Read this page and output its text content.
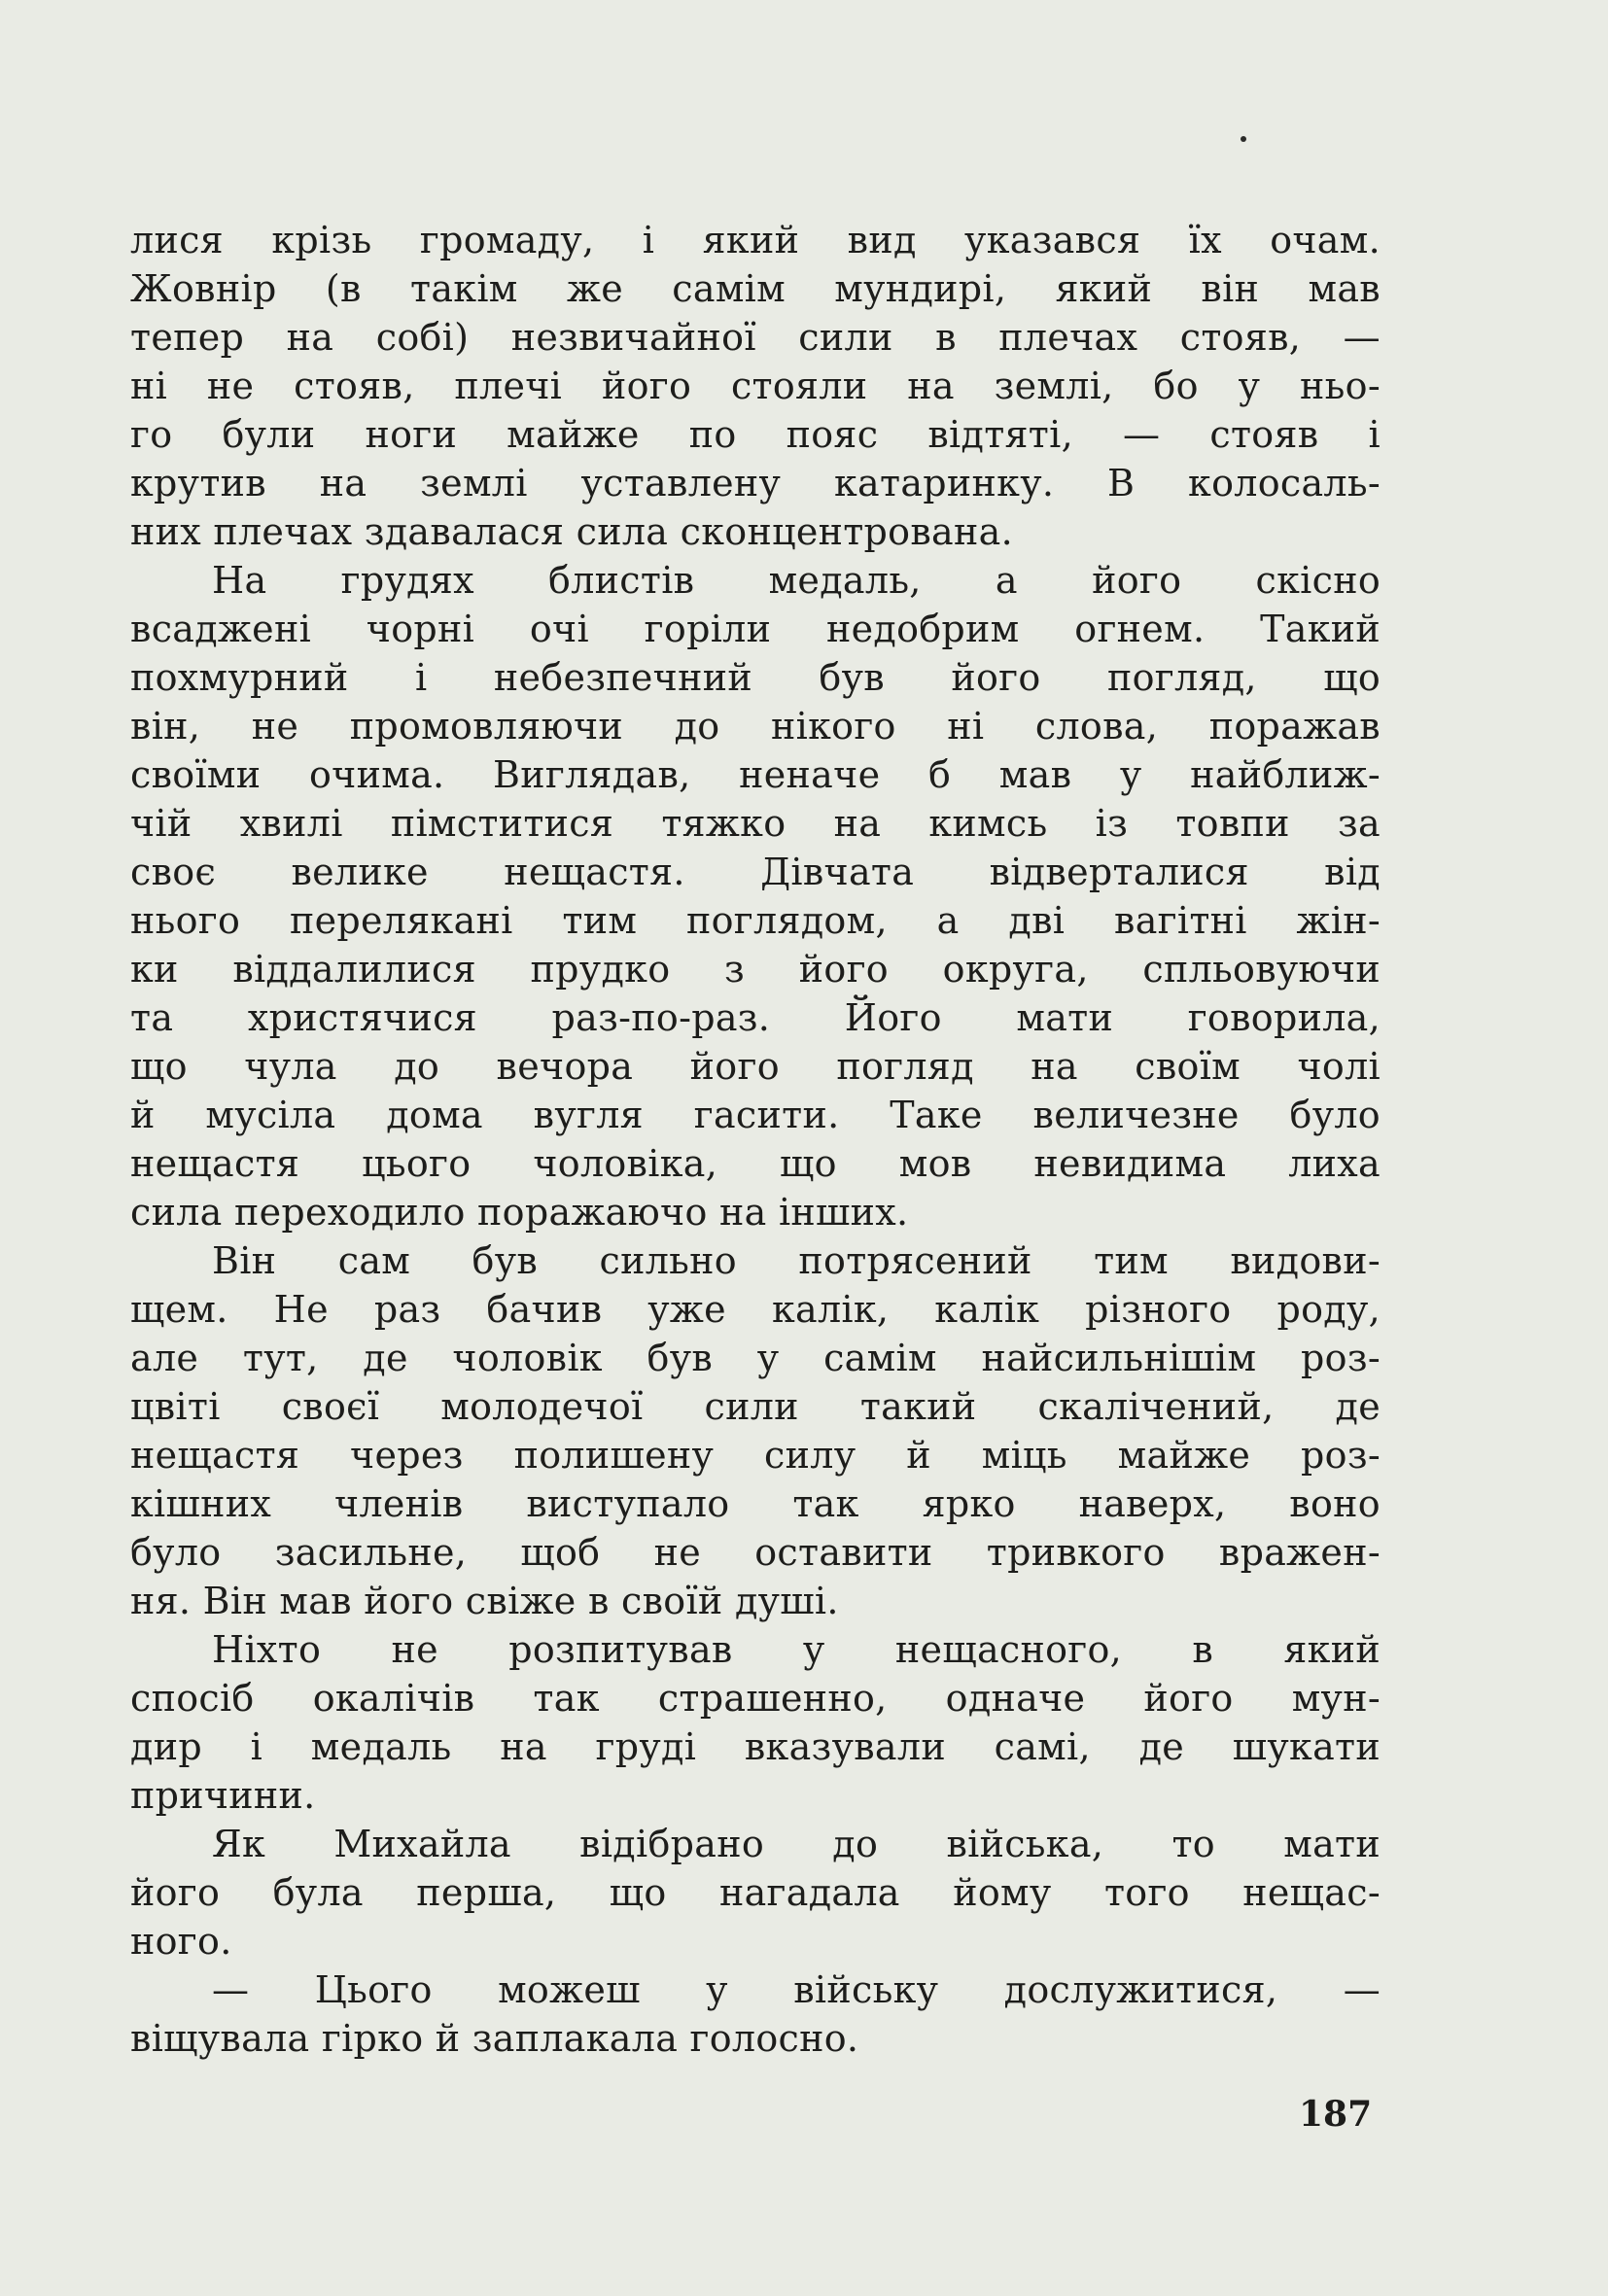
лися крізь громаду, і який вид указався їх очам.
Жовнір (в такім же самім мундирі, який він мав
тепер на собі) незвичайної сили в плечах стояв, —
ні не стояв, плечі його стояли на землі, бо у ньо-
го були ноги майже по пояс відтяті, — стояв і
крутив на землі уставлену катаринку. В колосаль-
них плечах здавалася сила сконцентрована.
На грудях блистів медаль, а його скісно
всаджені чорні очі горіли недобрим огнем. Такий
похмурний і небезпечний був його погляд, що
він, не промовляючи до нікого ні слова, поражав
своїми очима. Виглядав, неначе б мав у найближ-
чій хвилі пімститися тяжко на кимсь із товпи за
своє велике нещастя. Дівчата відверталися від
нього перелякані тим поглядом, а дві вагітні жін-
ки віддалилися прудко з його округа, спльовуючи
та христячися раз-по-раз. Його мати говорила,
що чула до вечора його погляд на своїм чолі
й мусіла дома вугля гасити. Таке величезне було
нещастя цього чоловіка, що мов невидима лиха
сила переходило поражаючо на інших.
Він сам був сильно потрясений тим видови-
щем. Не раз бачив уже калік, калік різного роду,
але тут, де чоловік був у самім найсильнішім роз-
цвіті своєї молодечої сили такий скалічений, де
нещастя через полишену силу й міць майже роз-
кішних членів виступало так ярко наверх, воно
було засильне, щоб не оставити тривкого вражен-
ня. Він мав його свіже в своїй душі.
Ніхто не розпитував у нещасного, в який
спосіб окалічів так страшенно, одначе його мун-
дир і медаль на груді вказували самі, де шукати
причини.
Як Михайла відібрано до війська, то мати
його була перша, що нагадала йому того нещас-
ного.
— Цього можеш у війську дослужитися, —
віщувала гірко й заплакала голосно.
187
